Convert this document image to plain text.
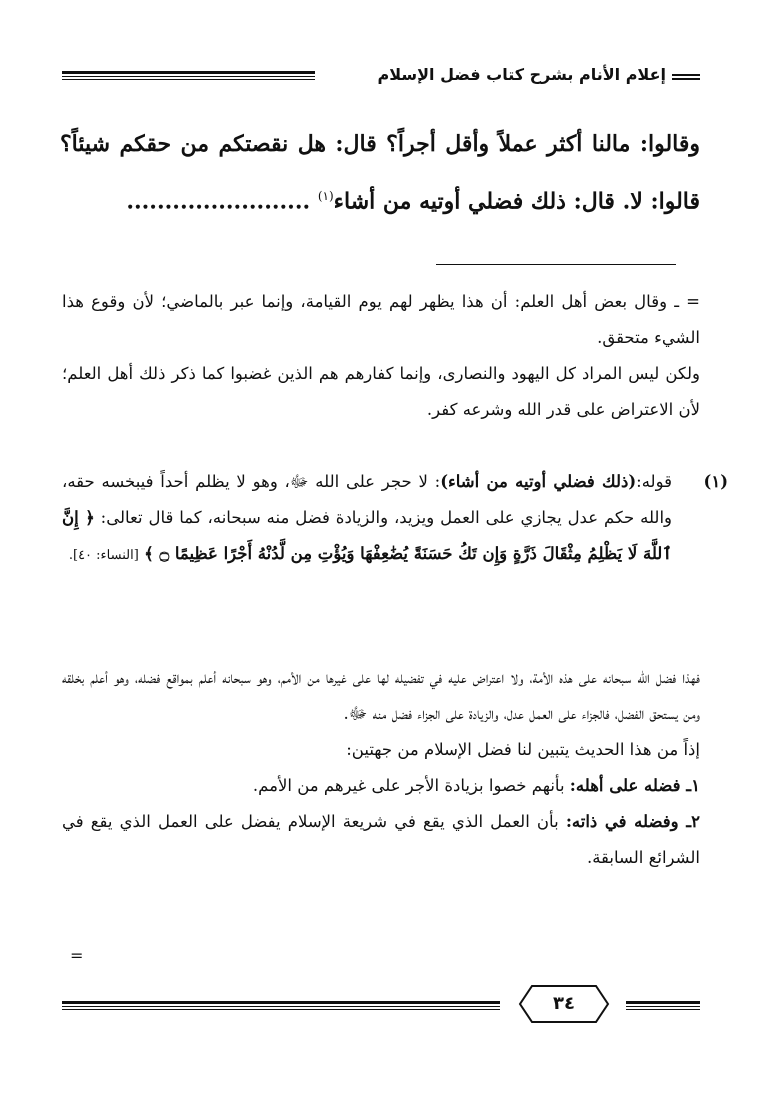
إعلام الأنام بشرح كتاب فضل الإسلام

وقالوا: مالنا أكثر عملاً وأقل أجراً؟ قال: هل نقصتكم من حقكم شيئاً؟ قالوا: لا. قال: ذلك فضلي أوتيه من أشاء$^{(١)}$ ........................

= ـ وقال بعض أهل العلم: أن هذا يظهر لهم يوم القيامة، وإنما عبر بالماضي؛ لأن وقوع هذا الشيء متحقق.

ولكن ليس المراد كل اليهود والنصارى، وإنما كفارهم هم الذين غضبوا كما ذكر ذلك أهل العلم؛ لأن الاعتراض على قدر الله وشرعه كفر.

(١)

قوله:(ذلك فضلي أوتيه من أشاء): لا حجر على الله ﷻ، وهو لا يظلم أحداً فيبخسه حقه، والله حكم عدل يجازي على العمل ويزيد، والزيادة فضل منه سبحانه، كما قال تعالى: ﴿ إِنَّ ٱللَّهَ لَا يَظْلِمُ مِثْقَالَ ذَرَّةٍ وَإِن تَكُ حَسَنَةً يُضَٰعِفْهَا وَيُؤْتِ مِن لَّدُنْهُ أَجْرًا عَظِيمًا ۝ ﴾ [النساء: ٤٠].

فهذا فضل الله سبحانه على هذه الأمة، ولا اعتراض عليه في تفضيله لها على غيرها من الأمم، وهو سبحانه أعلم بمواقع فضله، وهو أعلم بخلقه ومن يستحق الفضل، فالجزاء على العمل عدل، والزيادة على الجزاء فضل منه ﷻ.

إذاً من هذا الحديث يتبين لنا فضل الإسلام من جهتين:

١ـ فضله على أهله: بأنهم خصوا بزيادة الأجر على غيرهم من الأمم.

٢ـ وفضله في ذاته: بأن العمل الذي يقع في شريعة الإسلام يفضل على العمل الذي يقع في الشرائع السابقة.

=
٣٤
